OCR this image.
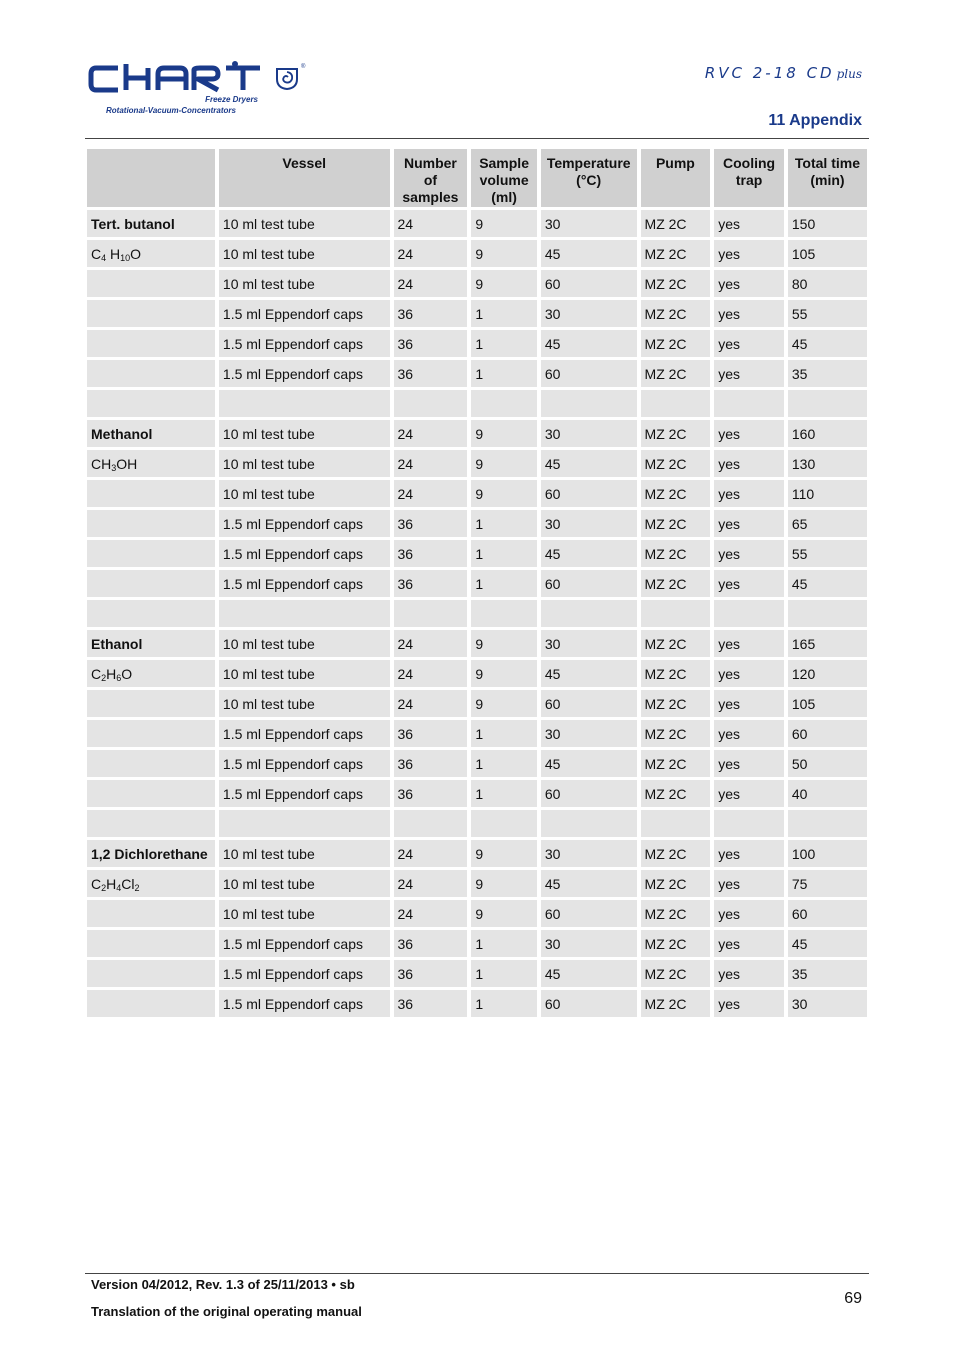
®
Freeze Dryers
Rotational-Vacuum-Concentrators
RVC 2-18 CD plus
11 Appendix
	Vessel	Number of samples	Sample volume (ml)	Temperature (°C)	Pump	Cooling trap	Total time (min)
Tert. butanol	10 ml test tube	24	9	30	MZ 2C	yes	150
$C_4$ $H_{10}O$	10 ml test tube	24	9	45	MZ 2C	yes	105
	10 ml test tube	24	9	60	MZ 2C	yes	80
	1.5 ml Eppendorf caps	36	1	30	MZ 2C	yes	55
	1.5 ml Eppendorf caps	36	1	45	MZ 2C	yes	45
	1.5 ml Eppendorf caps	36	1	60	MZ 2C	yes	35

Methanol	10 ml test tube	24	9	30	MZ 2C	yes	160
$CH_3OH$	10 ml test tube	24	9	45	MZ 2C	yes	130
	10 ml test tube	24	9	60	MZ 2C	yes	110
	1.5 ml Eppendorf caps	36	1	30	MZ 2C	yes	65
	1.5 ml Eppendorf caps	36	1	45	MZ 2C	yes	55
	1.5 ml Eppendorf caps	36	1	60	MZ 2C	yes	45

Ethanol	10 ml test tube	24	9	30	MZ 2C	yes	165
$C_2H_6O$	10 ml test tube	24	9	45	MZ 2C	yes	120
	10 ml test tube	24	9	60	MZ 2C	yes	105
	1.5 ml Eppendorf caps	36	1	30	MZ 2C	yes	60
	1.5 ml Eppendorf caps	36	1	45	MZ 2C	yes	50
	1.5 ml Eppendorf caps	36	1	60	MZ 2C	yes	40

1,2 Dichlorethane	10 ml test tube	24	9	30	MZ 2C	yes	100
$C_2H_4Cl_2$	10 ml test tube	24	9	45	MZ 2C	yes	75
	10 ml test tube	24	9	60	MZ 2C	yes	60
	1.5 ml Eppendorf caps	36	1	30	MZ 2C	yes	45
	1.5 ml Eppendorf caps	36	1	45	MZ 2C	yes	35
	1.5 ml Eppendorf caps	36	1	60	MZ 2C	yes	30
Version 04/2012, Rev. 1.3 of 25/11/2013 • sb
Translation of the original operating manual
69
